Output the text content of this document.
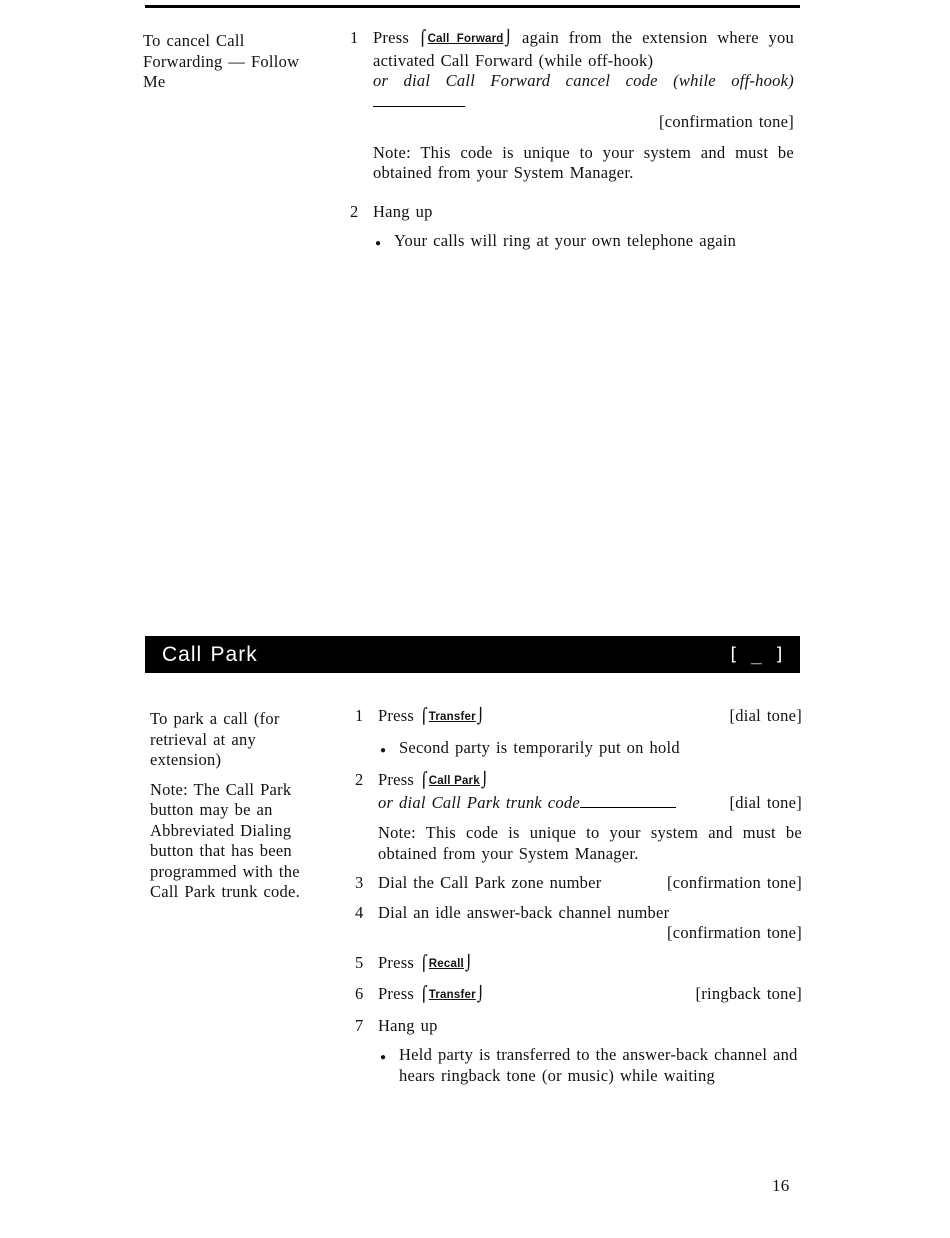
To cancel Call Forwarding — Follow Me

1 Press ⌠Call Forward⌡ again from the extension where you activated Call Forward (while off-hook)
or dial Call Forward cancel code (while off-hook)

[confirmation tone]

Note: This code is unique to your system and must be obtained from your System Manager.

2 Hang up

● Your calls will ring at your own telephone again
Call Park	[ _ ]

To park a call (for retrieval at any extension)

Note: The Call Park button may be an Abbreviated Dialing button that has been programmed with the Call Park trunk code.

1 Press ⌠Transfer⌡	[dial tone]
● Second party is temporarily put on hold
2 Press ⌠Call Park⌡

or dial Call Park trunk code	[dial tone]

Note: This code is unique to your system and must be obtained from your System Manager.

3 Dial the Call Park zone number	[confirmation tone]
4 Dial an idle answer-back channel number

[confirmation tone]

5 Press ⌠Recall⌡

6 Press ⌠Transfer⌡	[ringback tone]
7 Hang up

● Held party is transferred to the answer-back channel and hears ringback tone (or music) while waiting
16
